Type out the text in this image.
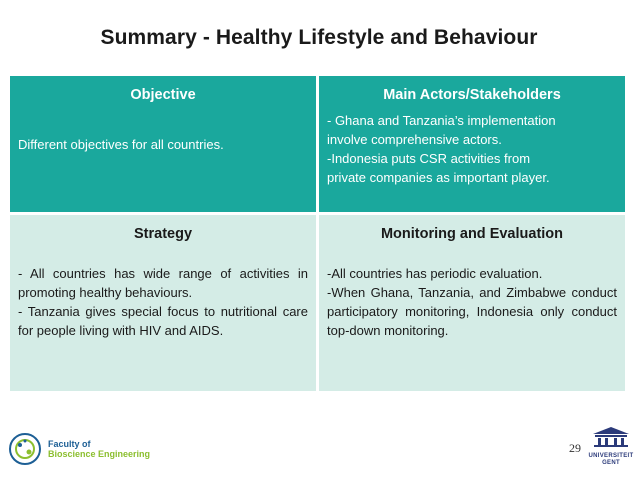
Summary - Healthy Lifestyle and Behaviour
Objective
Different objectives for all countries.
Main Actors/Stakeholders
- Ghana and Tanzania’s implementation
involve comprehensive actors.
-Indonesia puts CSR activities from
private companies as important player.
Strategy
- All countries has wide range of activities in promoting healthy behaviours.
- Tanzania gives special focus to nutritional care for people living with HIV and AIDS.
Monitoring and Evaluation
-All countries has periodic evaluation.
-When Ghana, Tanzania, and Zimbabwe conduct participatory monitoring, Indonesia only conduct top-down monitoring.
Faculty of
Bioscience Engineering	29
UNIVERSITEIT
GENT
